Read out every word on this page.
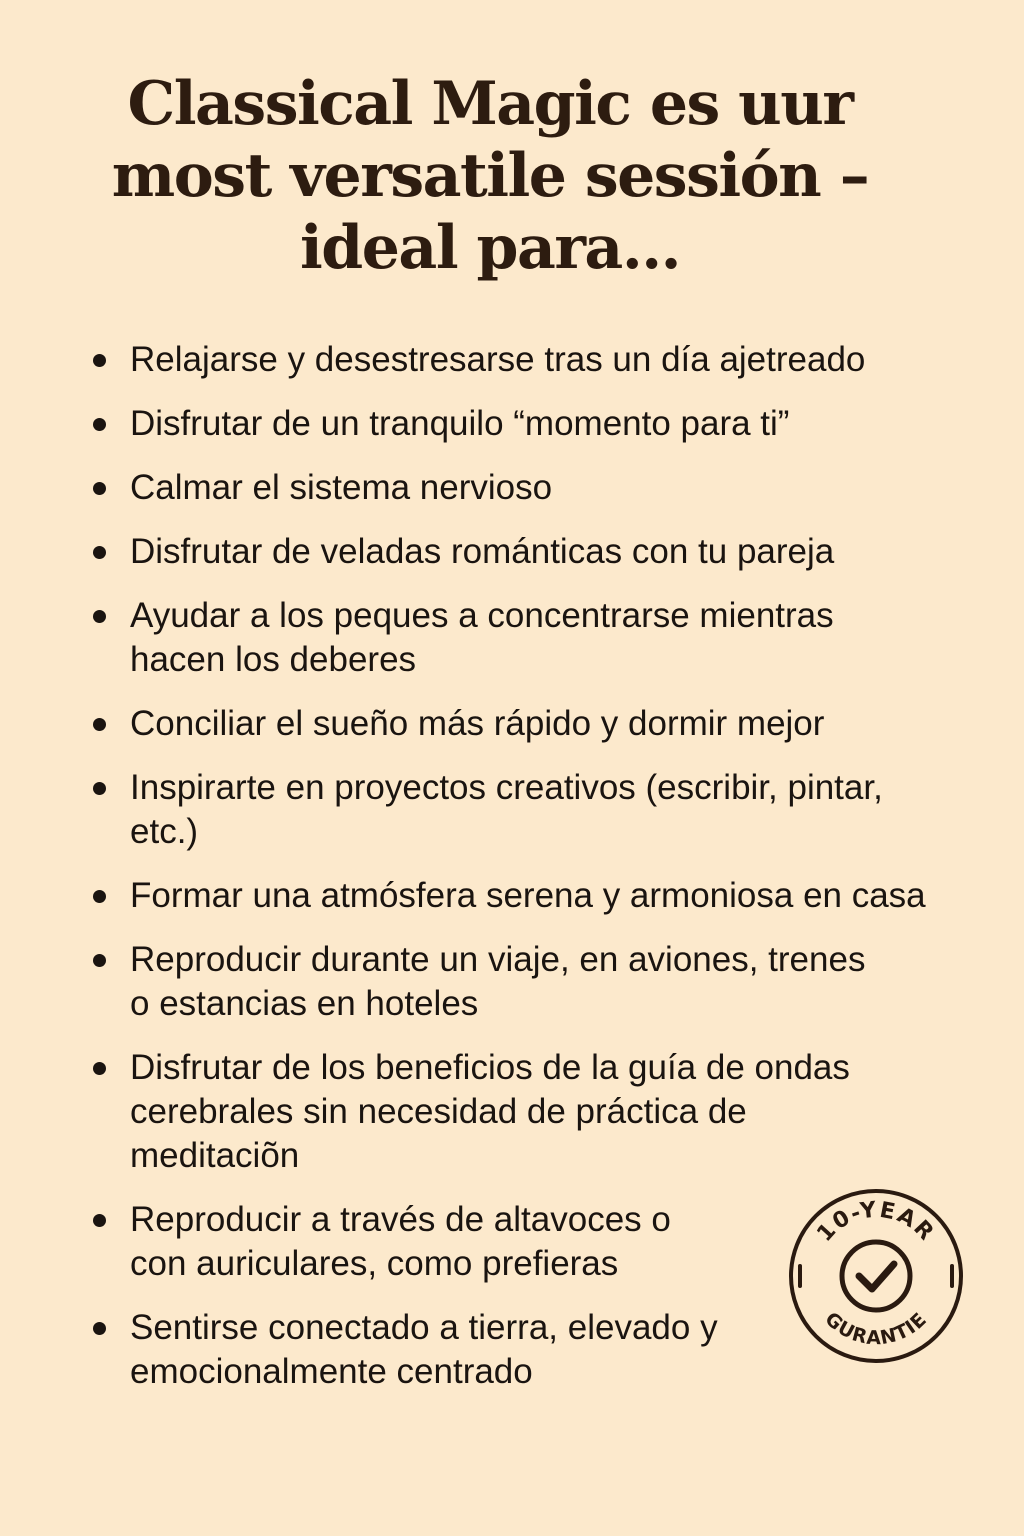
Classical Magic es uur
most versatile sessión –
ideal para...
Relajarse y desestresarse tras un día ajetreado
Disfrutar de un tranquilo “momento para ti”
Calmar el sistema nervioso
Disfrutar de veladas románticas con tu pareja
Ayudar a los peques a concentrarse mientras
hacen los deberes
Conciliar el sueño más rápido y dormir mejor
Inspirarte en proyectos creativos (escribir, pintar,
etc.)
Formar una atmósfera serena y armoniosa en casa
Reproducir durante un viaje, en aviones, trenes
o estancias en hoteles
Disfrutar de los beneficios de la guía de ondas
cerebrales sin necesidad de práctica de
meditaciõn
Reproducir a través de altavoces o
con auriculares, como prefieras
Sentirse conectado a tierra, elevado y
emocionalmente centrado
10-YEAR
GURANTIE
